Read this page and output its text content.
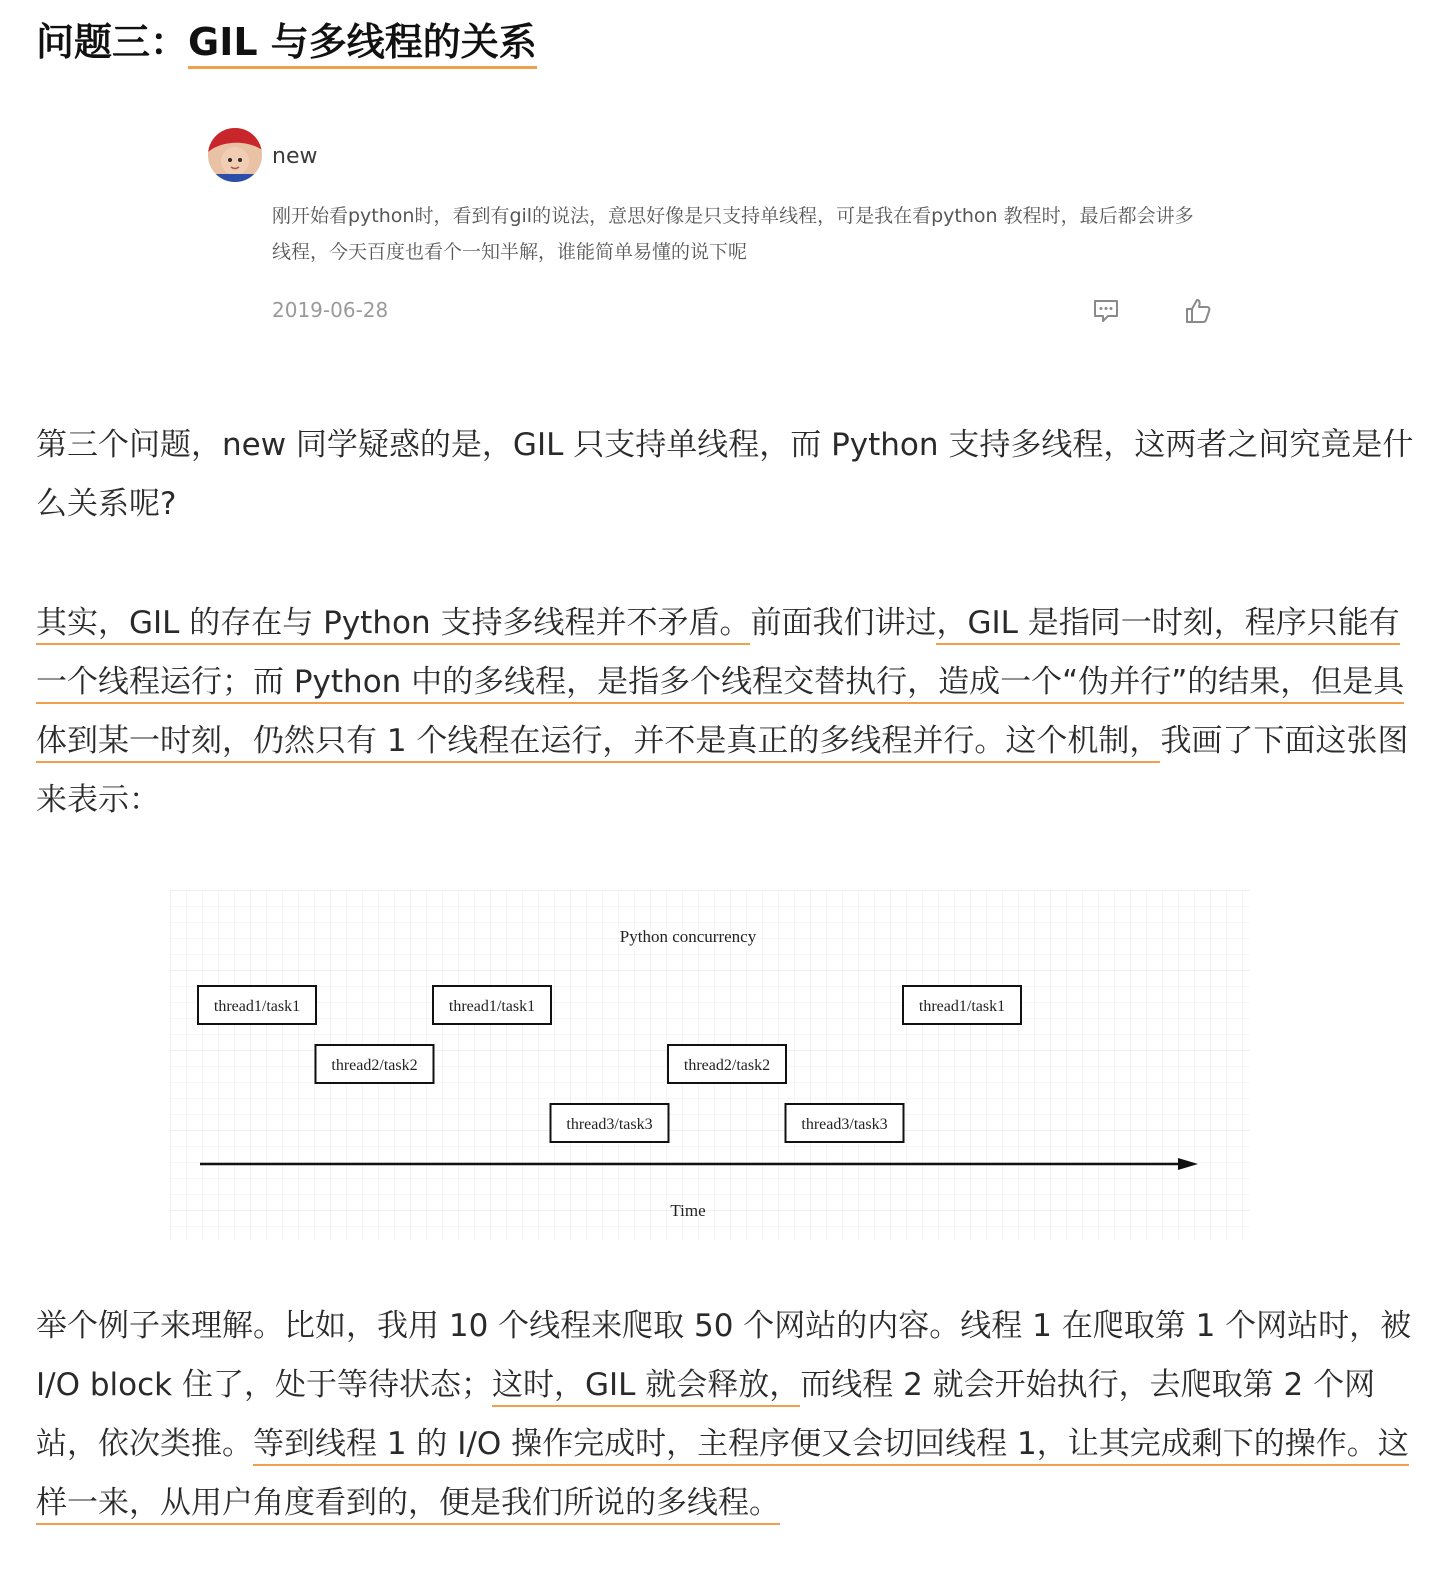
问题三：GIL 与多线程的关系
new
刚开始看python时，看到有gil的说法，意思好像是只支持单线程，可是我在看python 教程时，最后都会讲多线程，今天百度也看个一知半解，谁能简单易懂的说下呢
2019-06-28
第三个问题，new 同学疑惑的是，GIL 只支持单线程，而 Python 支持多线程，这两者之间究竟是什么关系呢?
其实，GIL 的存在与 Python 支持多线程并不矛盾。前面我们讲过，GIL 是指同一时刻，程序只能有一个线程运行；而 Python 中的多线程，是指多个线程交替执行，造成一个“伪并行”的结果，但是具体到某一时刻，仍然只有 1 个线程在运行，并不是真正的多线程并行。这个机制，我画了下面这张图来表示：
Python concurrency
thread1/task1
thread2/task2
thread1/task1
thread3/task3
thread2/task2
thread3/task3
thread1/task1
Time
举个例子来理解。比如，我用 10 个线程来爬取 50 个网站的内容。线程 1 在爬取第 1 个网站时，被 I/O block 住了，处于等待状态；这时，GIL 就会释放，而线程 2 就会开始执行，去爬取第 2 个网站，依次类推。等到线程 1 的 I/O 操作完成时，主程序便又会切回线程 1，让其完成剩下的操作。这样一来，从用户角度看到的，便是我们所说的多线程。
